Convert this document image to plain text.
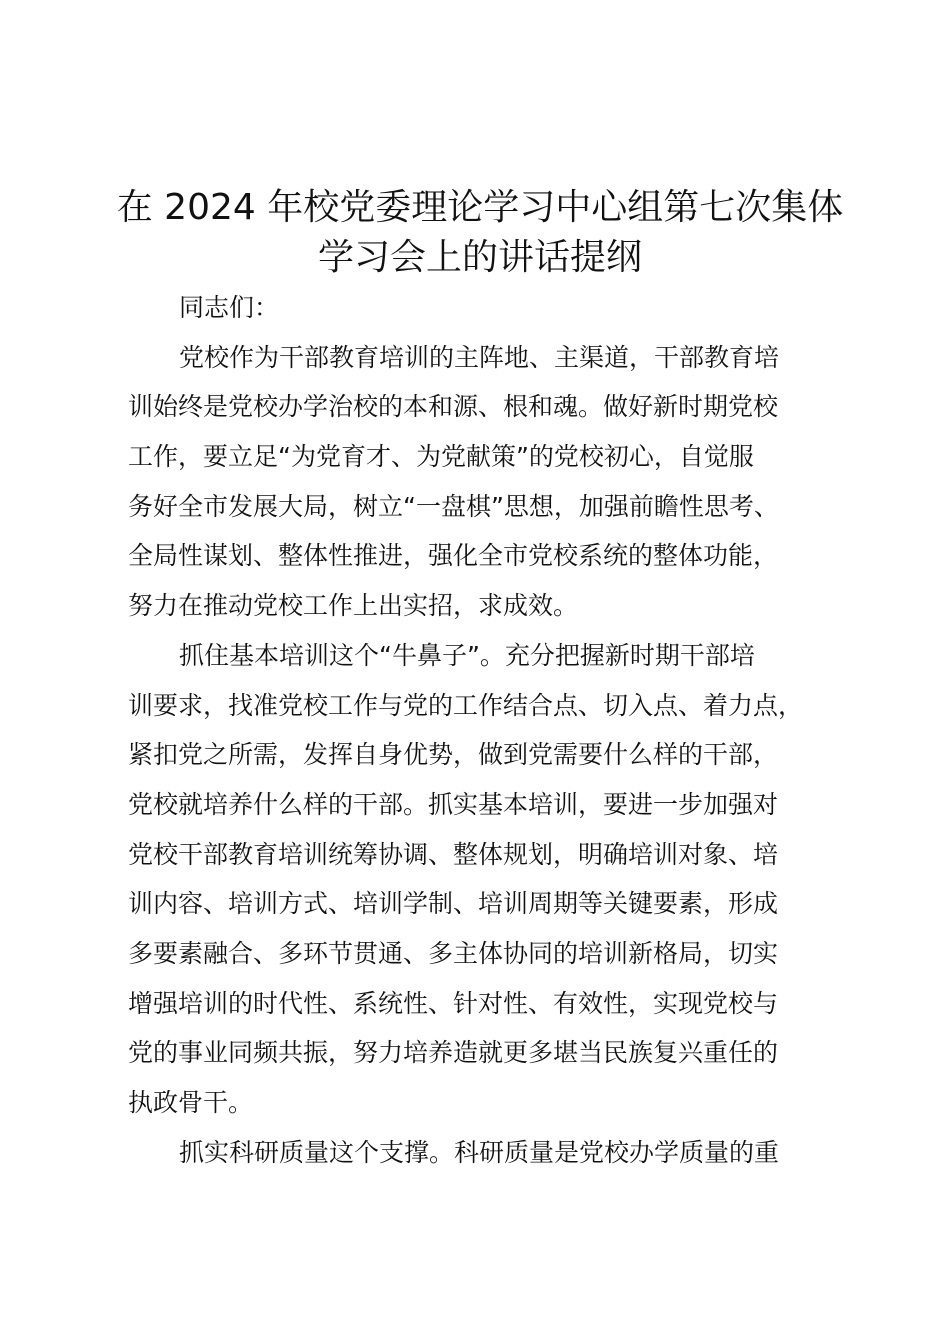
在 2024 年校党委理论学习中心组第七次集体
学习会上的讲话提纲
同志们：
党校作为干部教育培训的主阵地、主渠道，干部教育培
训始终是党校办学治校的本和源、根和魂。做好新时期党校
工作，要立足“为党育才、为党献策”的党校初心，自觉服
务好全市发展大局，树立“一盘棋”思想，加强前瞻性思考、
全局性谋划、整体性推进，强化全市党校系统的整体功能，
努力在推动党校工作上出实招，求成效。
抓住基本培训这个“牛鼻子”。充分把握新时期干部培
训要求，找准党校工作与党的工作结合点、切入点、着力点，
紧扣党之所需，发挥自身优势，做到党需要什么样的干部，
党校就培养什么样的干部。抓实基本培训，要进一步加强对
党校干部教育培训统筹协调、整体规划，明确培训对象、培
训内容、培训方式、培训学制、培训周期等关键要素，形成
多要素融合、多环节贯通、多主体协同的培训新格局，切实
增强培训的时代性、系统性、针对性、有效性，实现党校与
党的事业同频共振，努力培养造就更多堪当民族复兴重任的
执政骨干。
抓实科研质量这个支撑。科研质量是党校办学质量的重
